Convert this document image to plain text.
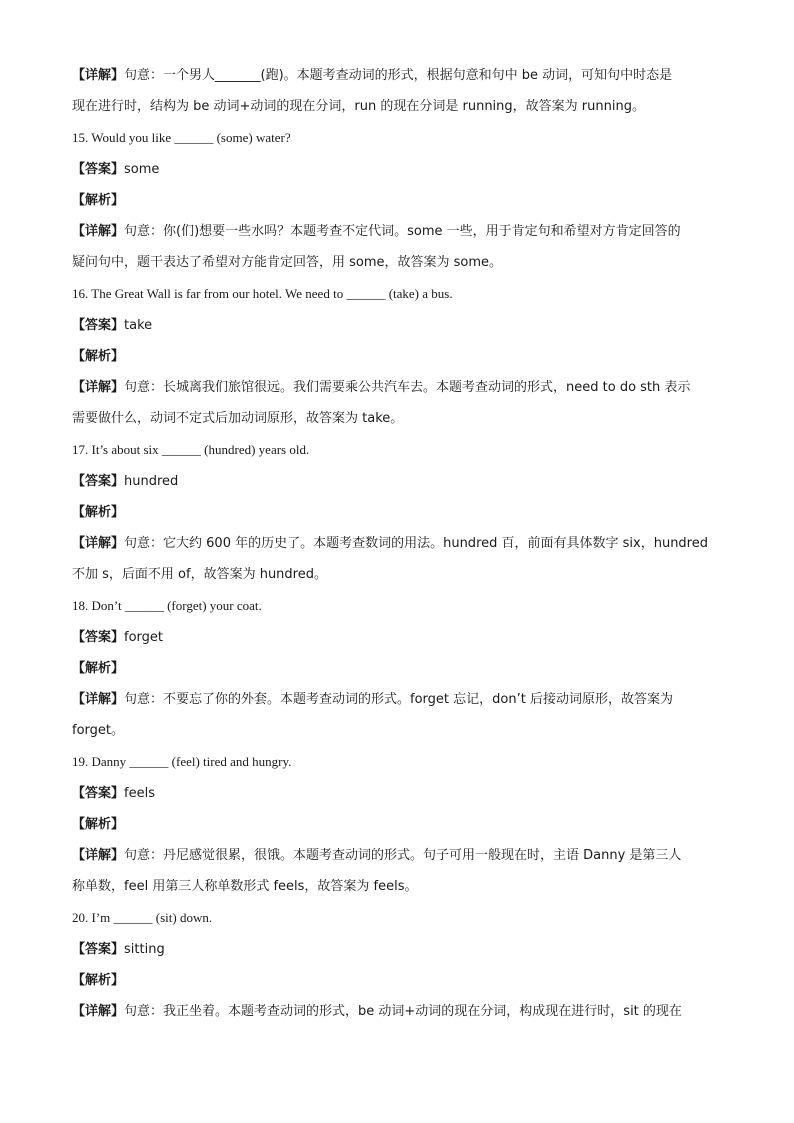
【详解】句意：一个男人_______(跑)。本题考查动词的形式，根据句意和句中 be 动词，可知句中时态是
现在进行时，结构为 be 动词+动词的现在分词，run 的现在分词是 running，故答案为 running。
15. Would you like ______ (some) water?
【答案】some
【解析】
【详解】句意：你(们)想要一些水吗？本题考查不定代词。some 一些，用于肯定句和希望对方肯定回答的
疑问句中，题干表达了希望对方能肯定回答，用 some，故答案为 some。
16. The Great Wall is far from our hotel. We need to ______ (take) a bus.
【答案】take
【解析】
【详解】句意：长城离我们旅馆很远。我们需要乘公共汽车去。本题考查动词的形式，need to do sth 表示
需要做什么，动词不定式后加动词原形，故答案为 take。
17. It’s about six ______ (hundred) years old.
【答案】hundred
【解析】
【详解】句意：它大约 600 年的历史了。本题考查数词的用法。hundred 百，前面有具体数字 six，hundred
不加 s，后面不用 of，故答案为 hundred。
18. Don’t ______ (forget) your coat.
【答案】forget
【解析】
【详解】句意：不要忘了你的外套。本题考查动词的形式。forget 忘记，don’t 后接动词原形，故答案为
forget。
19. Danny ______ (feel) tired and hungry.
【答案】feels
【解析】
【详解】句意：丹尼感觉很累，很饿。本题考查动词的形式。句子可用一般现在时，主语 Danny 是第三人
称单数，feel 用第三人称单数形式 feels，故答案为 feels。
20. I’m ______ (sit) down.
【答案】sitting
【解析】
【详解】句意：我正坐着。本题考查动词的形式，be 动词+动词的现在分词，构成现在进行时，sit 的现在
